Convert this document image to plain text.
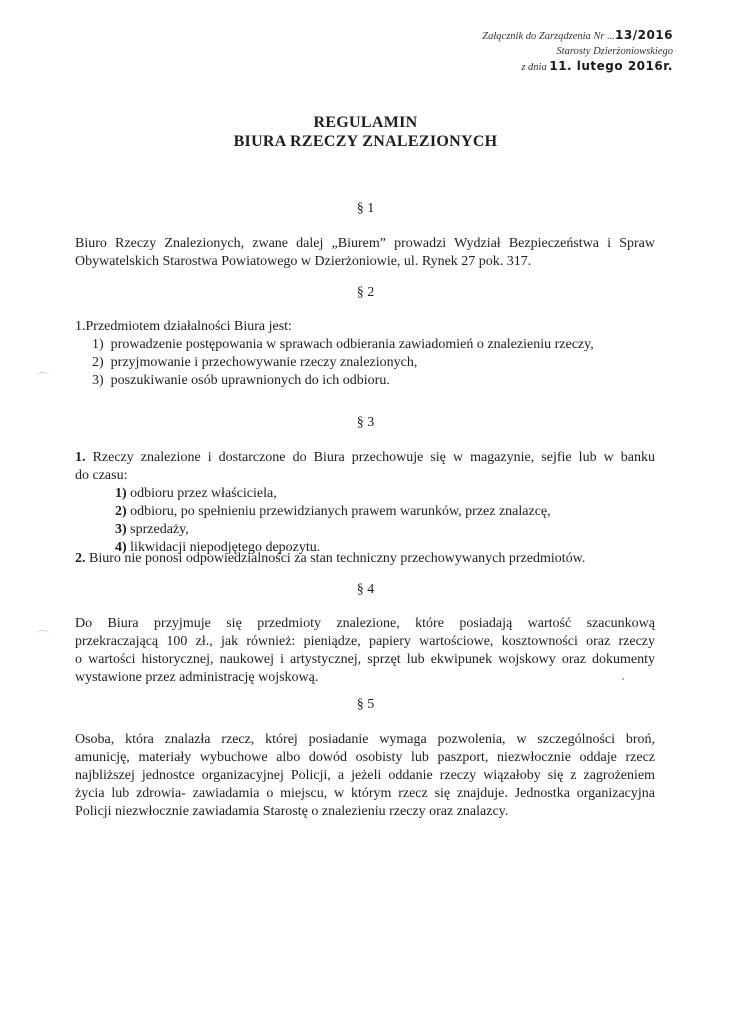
Załącznik do Zarządzenia Nr ...13/2016
Starosty Dzierżoniowskiego
z dnia 11. lutego 2016r.
REGULAMIN
BIURA RZECZY ZNALEZIONYCH
§ 1
Biuro Rzeczy Znalezionych, zwane dalej „Biurem” prowadzi Wydział Bezpieczeństwa i Spraw
Obywatelskich Starostwa Powiatowego w Dzierżoniowie, ul. Rynek 27 pok. 317.
§ 2
1.Przedmiotem działalności Biura jest:
1) prowadzenie postępowania w sprawach odbierania zawiadomień o znalezieniu rzeczy,
2) przyjmowanie i przechowywanie rzeczy znalezionych,
3) poszukiwanie osób uprawnionych do ich odbioru.
§ 3
1. Rzeczy znalezione i dostarczone do Biura przechowuje się w magazynie, sejfie lub w banku
do czasu:
1) odbioru przez właściciela,
2) odbioru, po spełnieniu przewidzianych prawem warunków, przez znalazcę,
3) sprzedaży,
4) likwidacji niepodjętego depozytu.
2. Biuro nie ponosi odpowiedzialności za stan techniczny przechowywanych przedmiotów.
§ 4
Do Biura przyjmuje się przedmioty znalezione, które posiadają wartość szacunkową
przekraczającą 100 zł., jak również: pieniądze, papiery wartościowe, kosztowności oraz rzeczy
o wartości historycznej, naukowej i artystycznej, sprzęt lub ekwipunek wojskowy oraz dokumenty
wystawione przez administrację wojskową.
§ 5
Osoba, która znalazła rzecz, której posiadanie wymaga pozwolenia, w szczególności broń,
amunicję, materiały wybuchowe albo dowód osobisty lub paszport, niezwłocznie oddaje rzecz
najbliższej jednostce organizacyjnej Policji, a jeżeli oddanie rzeczy wiązałoby się z zagrożeniem
życia lub zdrowia- zawiadamia o miejscu, w którym rzecz się znajduje. Jednostka organizacyjna
Policji niezwłocznie zawiadamia Starostę o znalezieniu rzeczy oraz znalazcy.
